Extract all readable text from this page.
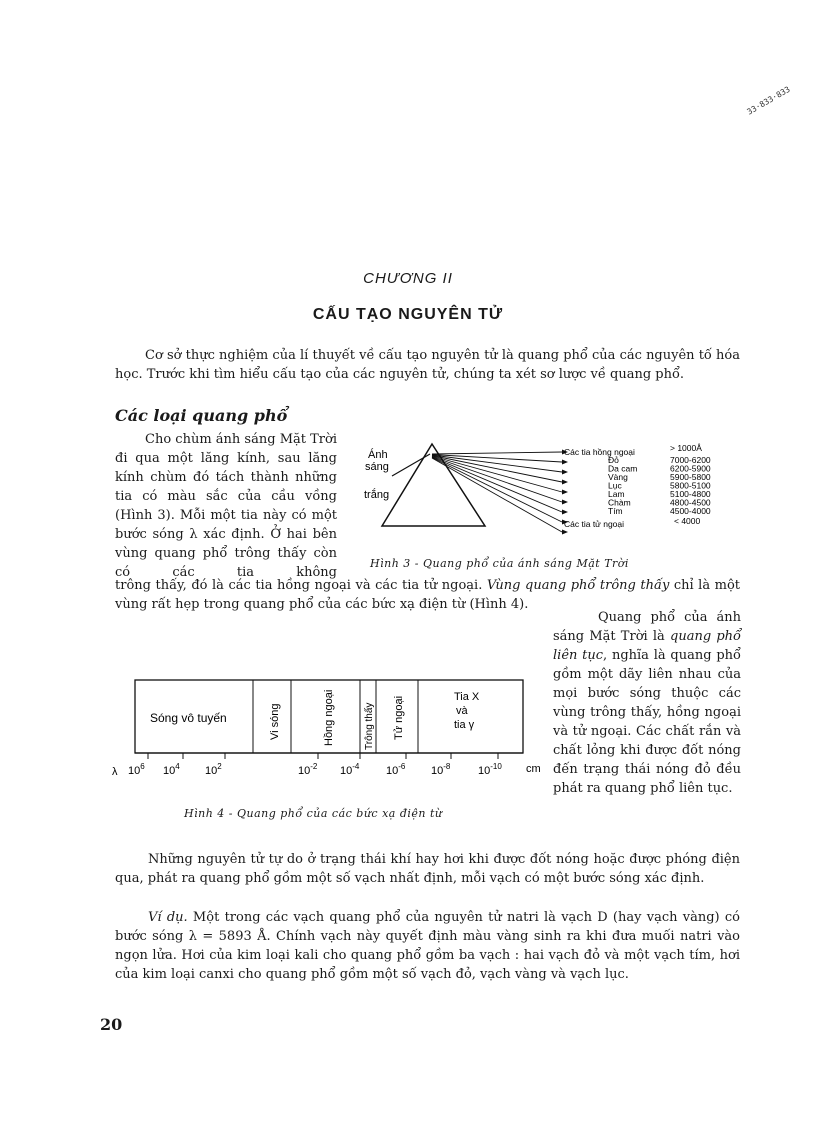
33·833·833
CHƯƠNG II
CẤU TẠO NGUYÊN TỬ
Cơ sở thực nghiệm của lí thuyết về cấu tạo nguyên tử là quang phổ của các nguyên tố hóa học. Trước khi tìm hiểu cấu tạo của các nguyên tử, chúng ta xét sơ lược về quang phổ.
Các loại quang phổ
Cho chùm ánh sáng Mặt Trời đi qua một lăng kính, sau lăng kính chùm đó tách thành những tia có màu sắc của cầu vồng (Hình 3). Mỗi một tia này có một bước sóng λ xác định. Ở hai bên vùng quang phổ trông thấy còn có các tia không
Ánh
sáng
trắng
Các tia hồng ngoại	> 1000Å
Đỏ	7000-6200
Da cam	6200-5900
Vàng	5900-5800
Lục	5800-5100
Lam	5100-4800
Chàm	4800-4500
Tím	4500-4000
Các tia tử ngoại	< 4000
Hình 3 - Quang phổ của ánh sáng Mặt Trời
trông thấy, đó là các tia hồng ngoại và các tia tử ngoại. Vùng quang phổ trông thấy chỉ là một vùng rất hẹp trong quang phổ của các bức xạ điện từ (Hình 4).
Sóng vô tuyến	Vi sóng	Hồng ngoại	Trông thấy Tử ngoại	Tia X
và
tia γ
$10^6$ $10^4$ $10^2$	$10^{-2}$ $10^{-4}$ $10^{-6}$ $10^{-8}$	$10^{-10}$
λ	cm
Hình 4 - Quang phổ của các bức xạ điện từ
Quang phổ của ánh sáng Mặt Trời là quang phổ liên tục, nghĩa là quang phổ gồm một dãy liên nhau của mọi bước sóng thuộc các vùng trông thấy, hồng ngoại và tử ngoại. Các chất rắn và chất lỏng khi được đốt nóng đến trạng thái nóng đỏ đều phát ra quang phổ liên tục.
Những nguyên tử tự do ở trạng thái khí hay hơi khi được đốt nóng hoặc được phóng điện qua, phát ra quang phổ gồm một số vạch nhất định, mỗi vạch có một bước sóng xác định.
Ví dụ. Một trong các vạch quang phổ của nguyên tử natri là vạch D (hay vạch vàng) có bước sóng λ = 5893 Å. Chính vạch này quyết định màu vàng sinh ra khi đưa muối natri vào ngọn lửa. Hơi của kim loại kali cho quang phổ gồm ba vạch : hai vạch đỏ và một vạch tím, hơi của kim loại canxi cho quang phổ gồm một số vạch đỏ, vạch vàng và vạch lục.
20
